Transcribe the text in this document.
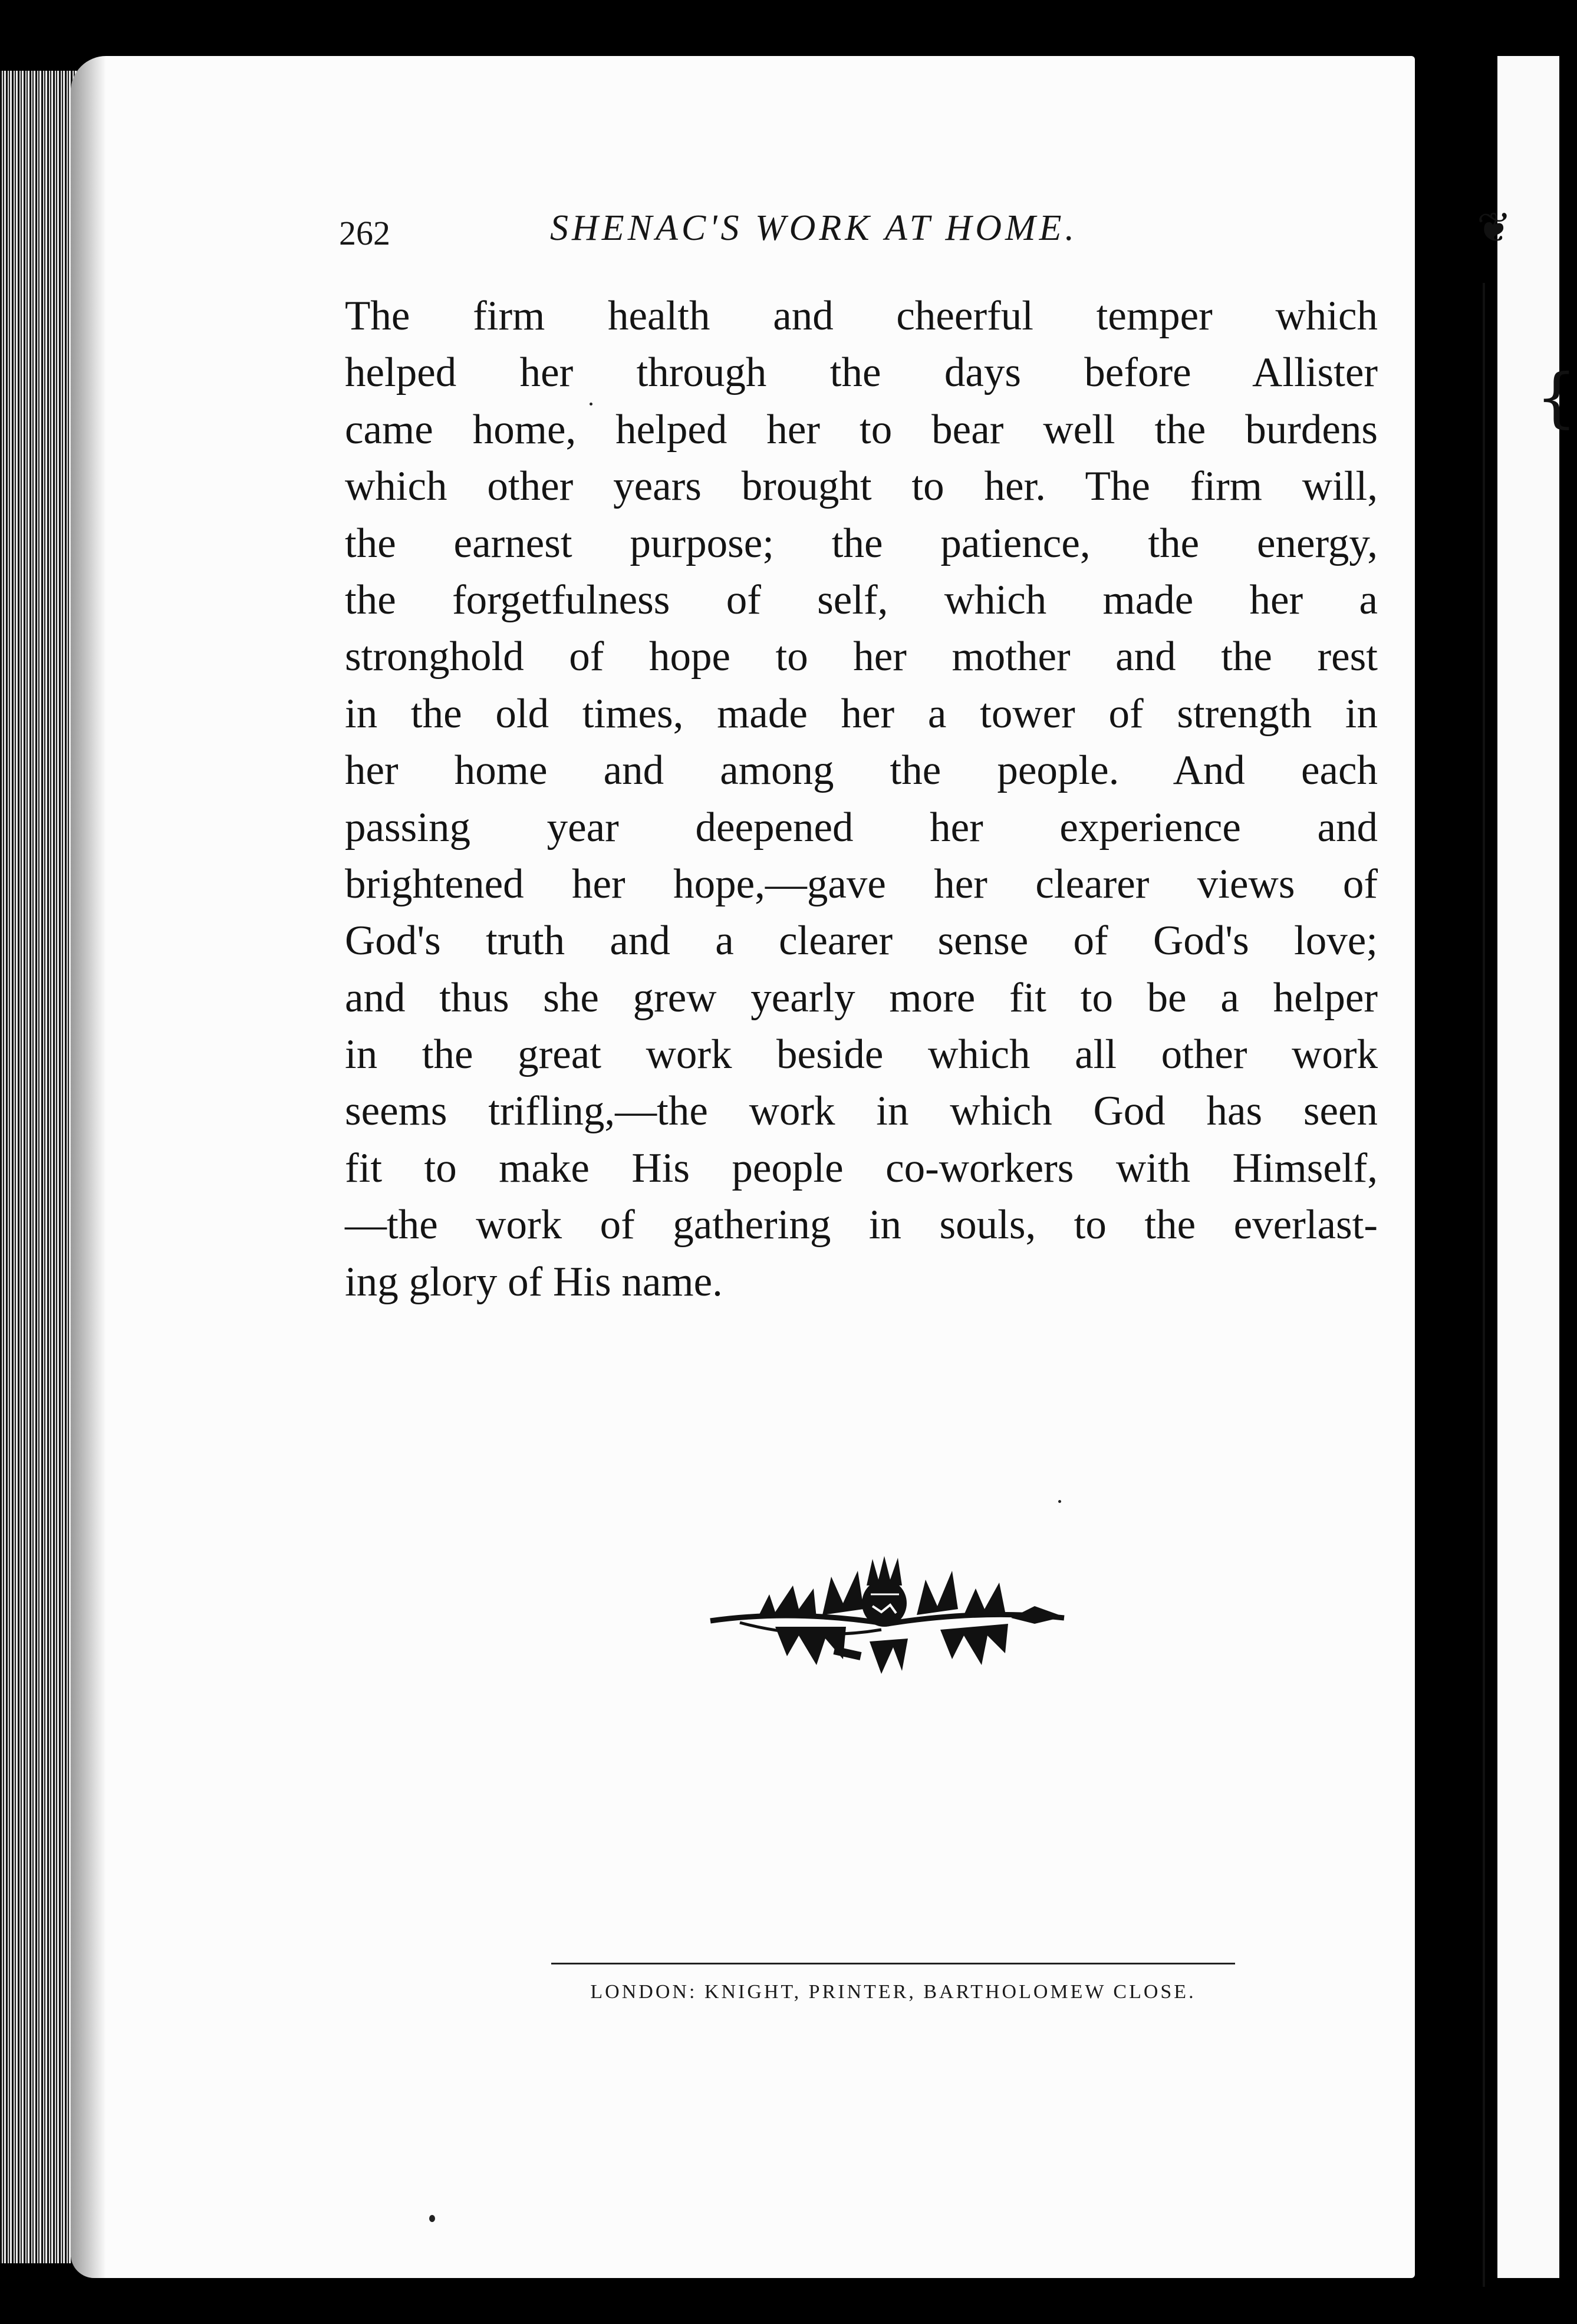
❦
{
262	SHENAC'S WORK AT HOME.
The firm health and cheerful temper which
helped her through the days before Allister
came home, helped her to bear well the burdens
which other years brought to her. The firm will,
the earnest purpose; the patience, the energy,
the forgetfulness of self, which made her a
stronghold of hope to her mother and the rest
in the old times, made her a tower of strength in
her home and among the people. And each
passing year deepened her experience and
brightened her hope,—gave her clearer views of
God's truth and a clearer sense of God's love;
and thus she grew yearly more fit to be a helper
in the great work beside which all other work
seems trifling,—the work in which God has seen
fit to make His people co-workers with Himself,
—the work of gathering in souls, to the everlast-
ing glory of His name.
LONDON: KNIGHT, PRINTER, BARTHOLOMEW CLOSE.
